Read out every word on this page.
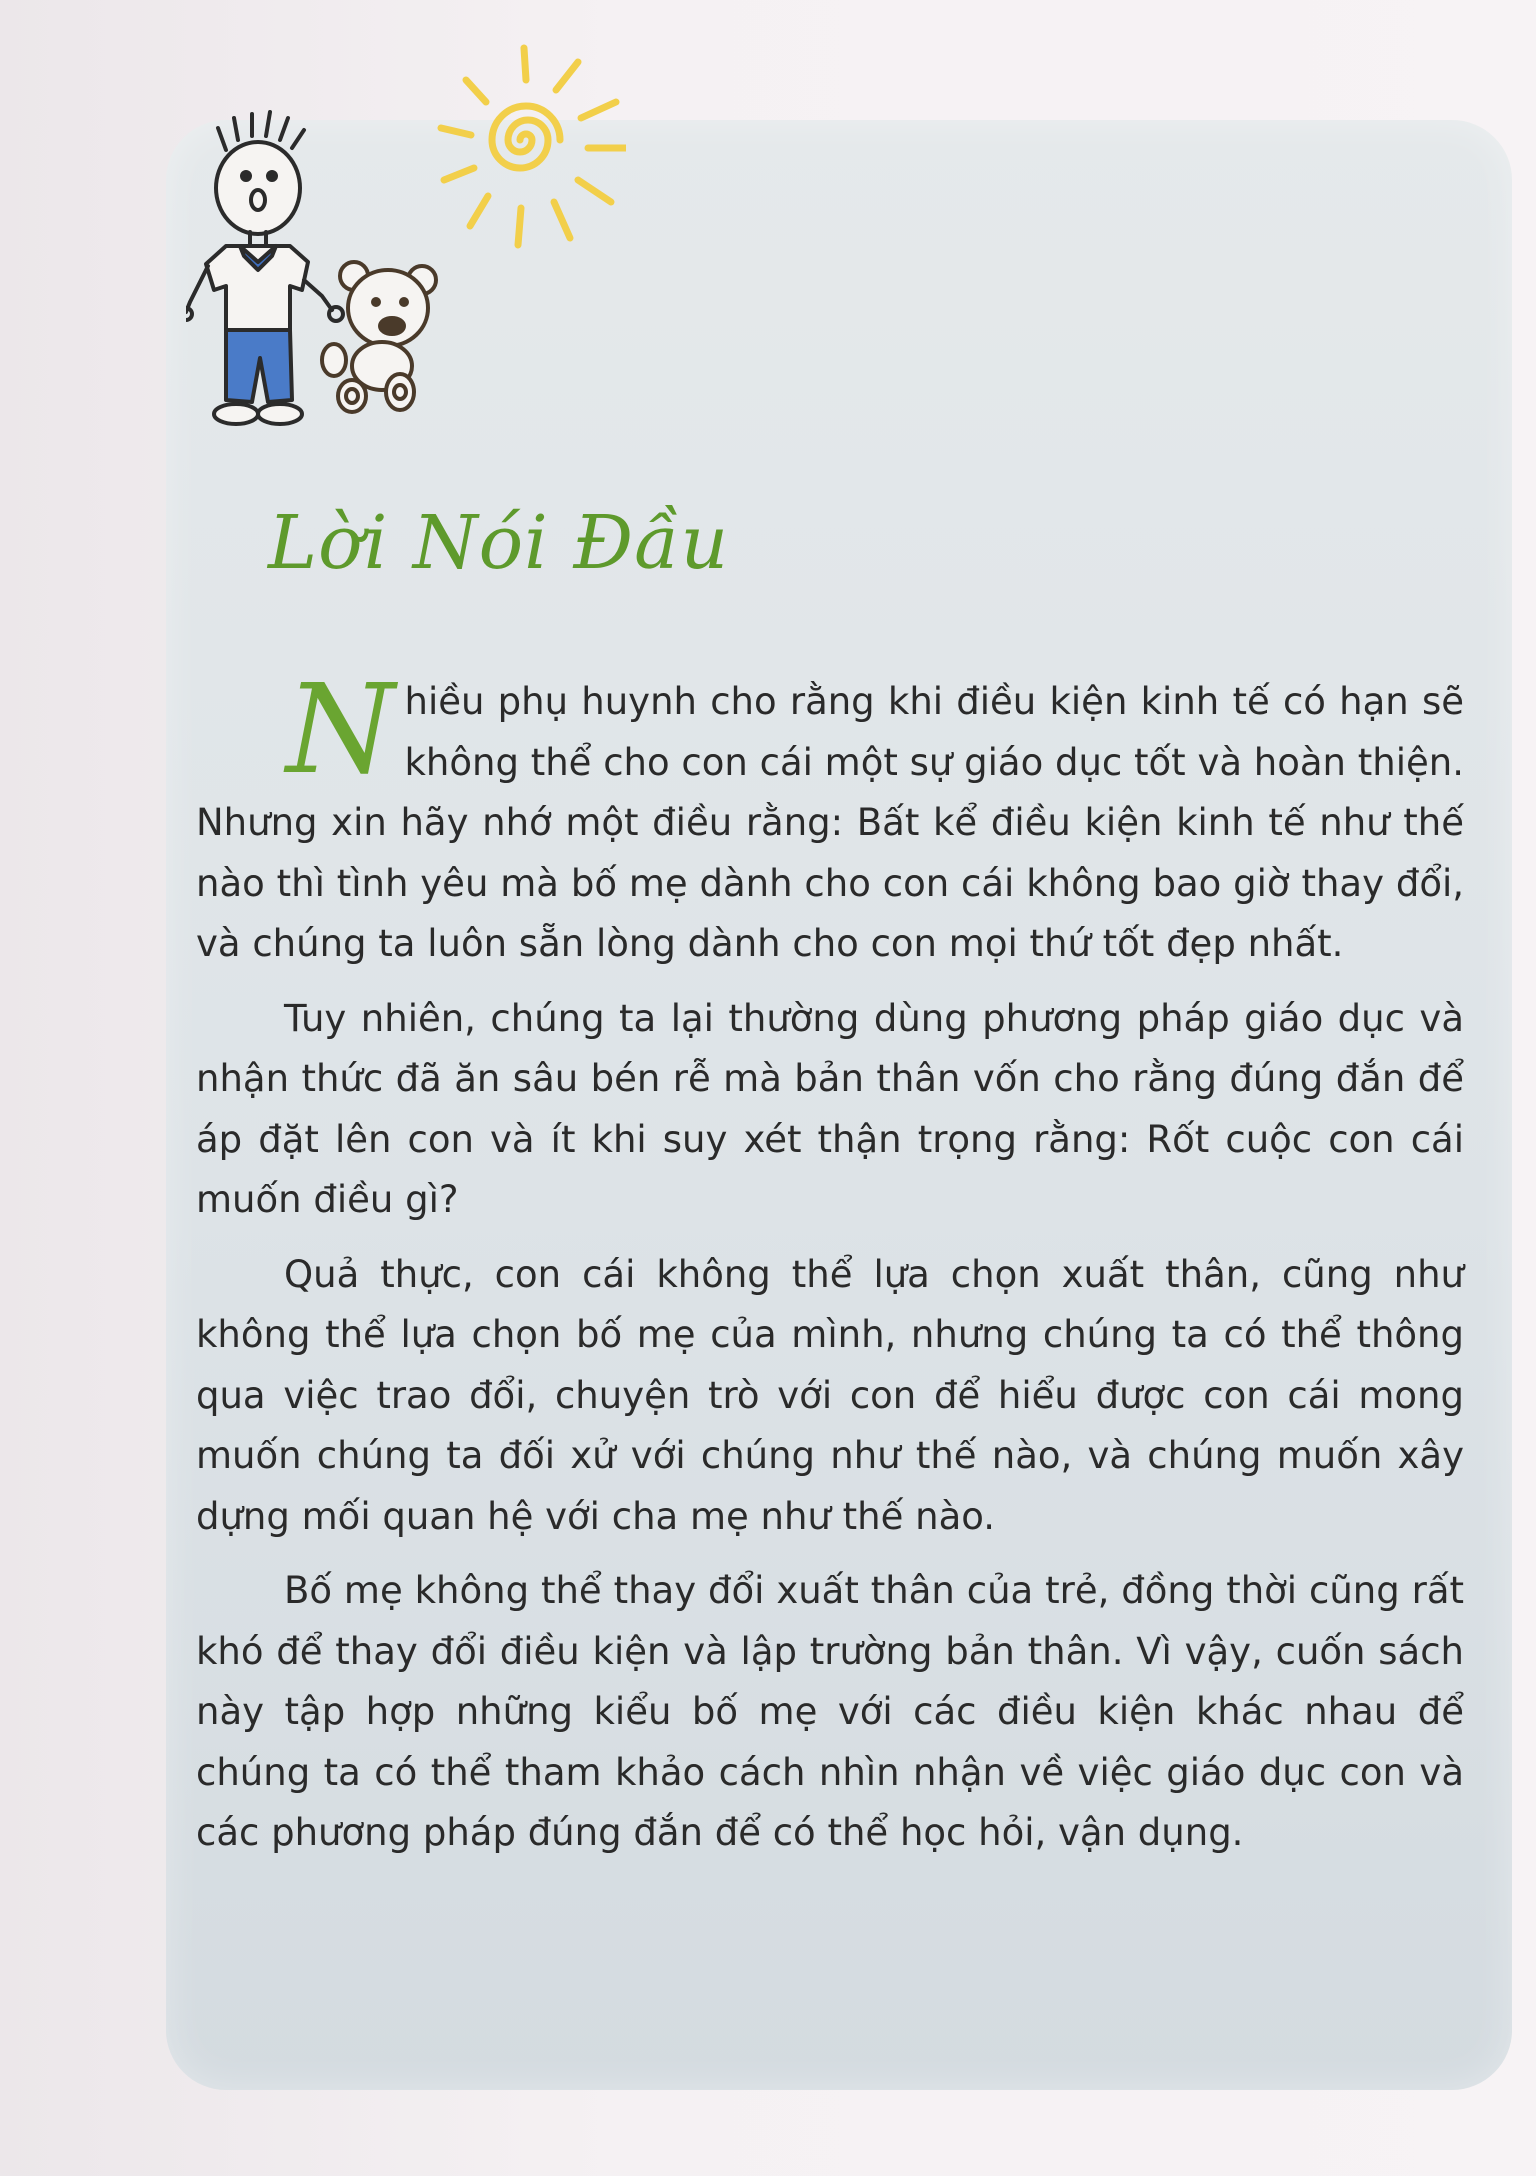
Lời Nói Đầu

Nhiều phụ huynh cho rằng khi điều kiện kinh tế có hạn sẽ không thể cho con cái một sự giáo dục tốt và hoàn thiện. Nhưng xin hãy nhớ một điều rằng: Bất kể điều kiện kinh tế như thế nào thì tình yêu mà bố mẹ dành cho con cái không bao giờ thay đổi, và chúng ta luôn sẵn lòng dành cho con mọi thứ tốt đẹp nhất.

Tuy nhiên, chúng ta lại thường dùng phương pháp giáo dục và nhận thức đã ăn sâu bén rễ mà bản thân vốn cho rằng đúng đắn để áp đặt lên con và ít khi suy xét thận trọng rằng: Rốt cuộc con cái muốn điều gì?

Quả thực, con cái không thể lựa chọn xuất thân, cũng như không thể lựa chọn bố mẹ của mình, nhưng chúng ta có thể thông qua việc trao đổi, chuyện trò với con để hiểu được con cái mong muốn chúng ta đối xử với chúng như thế nào, và chúng muốn xây dựng mối quan hệ với cha mẹ như thế nào.

Bố mẹ không thể thay đổi xuất thân của trẻ, đồng thời cũng rất khó để thay đổi điều kiện và lập trường bản thân. Vì vậy, cuốn sách này tập hợp những kiểu bố mẹ với các điều kiện khác nhau để chúng ta có thể tham khảo cách nhìn nhận về việc giáo dục con và các phương pháp đúng đắn để có thể học hỏi, vận dụng.
